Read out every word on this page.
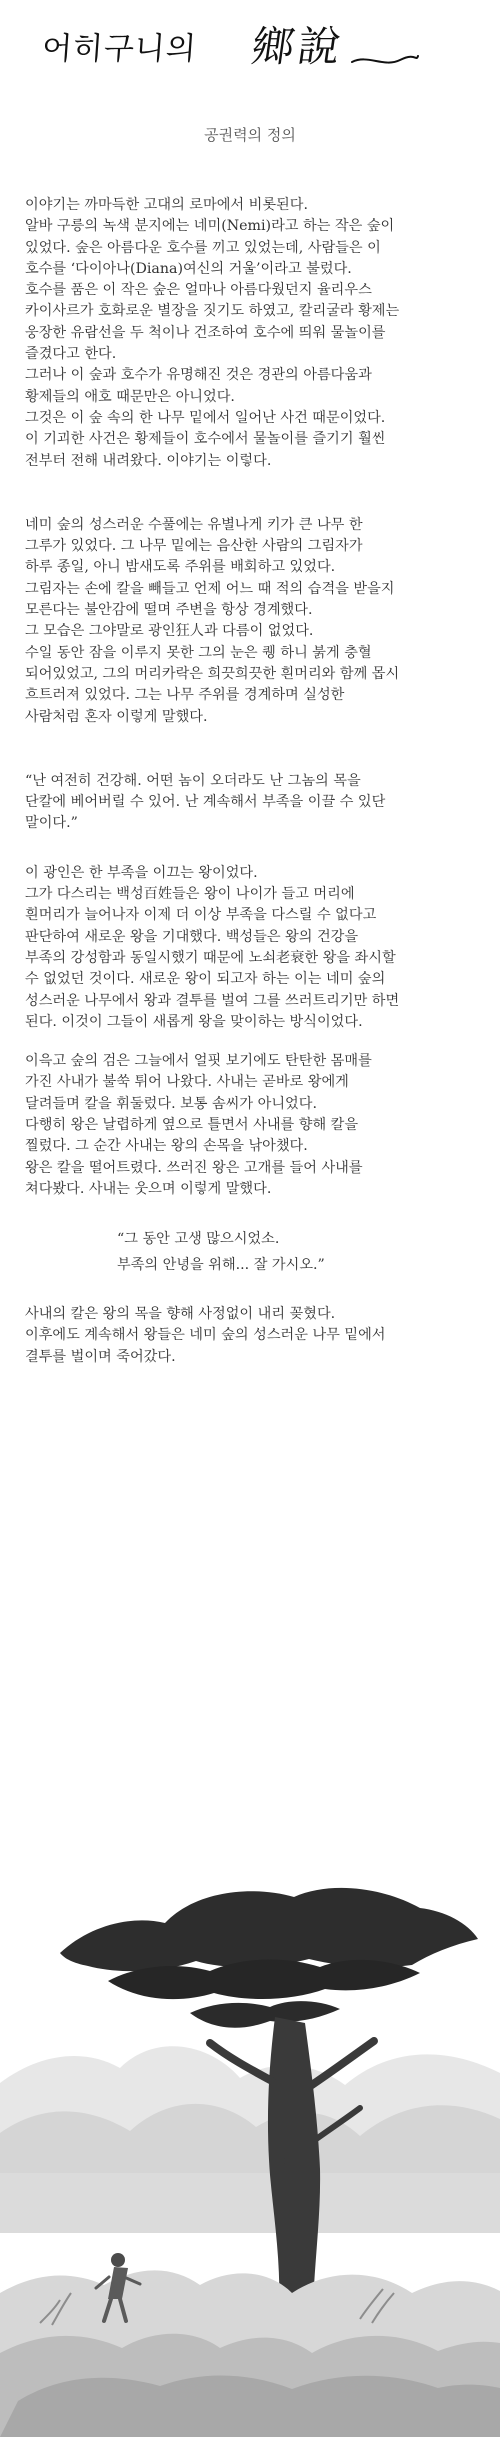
어히구니의 鄉說
공권력의 정의

이야기는 까마득한 고대의 로마에서 비롯된다.
알바 구릉의 녹색 분지에는 네미(Nemi)라고 하는 작은 숲이
있었다. 숲은 아름다운 호수를 끼고 있었는데, 사람들은 이
호수를 ‘다이아나(Diana)여신의 거울’이라고 불렀다.
호수를 품은 이 작은 숲은 얼마나 아름다웠던지 율리우스
카이사르가 호화로운 별장을 짓기도 하였고, 칼리굴라 황제는
웅장한 유람선을 두 척이나 건조하여 호수에 띄워 물놀이를
즐겼다고 한다.
그러나 이 숲과 호수가 유명해진 것은 경관의 아름다움과
황제들의 애호 때문만은 아니었다.
그것은 이 숲 속의 한 나무 밑에서 일어난 사건 때문이었다.
이 기괴한 사건은 황제들이 호수에서 물놀이를 즐기기 훨씬
전부터 전해 내려왔다. 이야기는 이렇다.

네미 숲의 성스러운 수풀에는 유별나게 키가 큰 나무 한
그루가 있었다. 그 나무 밑에는 음산한 사람의 그림자가
하루 종일, 아니 밤새도록 주위를 배회하고 있었다.
그림자는 손에 칼을 빼들고 언제 어느 때 적의 습격을 받을지
모른다는 불안감에 떨며 주변을 항상 경계했다.
그 모습은 그야말로 광인狂人과 다름이 없었다.
수일 동안 잠을 이루지 못한 그의 눈은 퀭 하니 붉게 충혈
되어있었고, 그의 머리카락은 희끗희끗한 흰머리와 함께 몹시
흐트러져 있었다. 그는 나무 주위를 경계하며 실성한
사람처럼 혼자 이렇게 말했다.

“난 여전히 건강해. 어떤 놈이 오더라도 난 그놈의 목을
단칼에 베어버릴 수 있어. 난 계속해서 부족을 이끌 수 있단
말이다.”

이 광인은 한 부족을 이끄는 왕이었다.
그가 다스리는 백성百姓들은 왕이 나이가 들고 머리에
흰머리가 늘어나자 이제 더 이상 부족을 다스릴 수 없다고
판단하여 새로운 왕을 기대했다. 백성들은 왕의 건강을
부족의 강성함과 동일시했기 때문에 노쇠老衰한 왕을 좌시할
수 없었던 것이다. 새로운 왕이 되고자 하는 이는 네미 숲의
성스러운 나무에서 왕과 결투를 벌여 그를 쓰러트리기만 하면
된다. 이것이 그들이 새롭게 왕을 맞이하는 방식이었다.

이윽고 숲의 검은 그늘에서 얼핏 보기에도 탄탄한 몸매를
가진 사내가 불쑥 튀어 나왔다. 사내는 곧바로 왕에게
달려들며 칼을 휘둘렀다. 보통 솜씨가 아니었다.
다행히 왕은 날렵하게 옆으로 틀면서 사내를 향해 칼을
찔렀다. 그 순간 사내는 왕의 손목을 낚아챘다.
왕은 칼을 떨어트렸다. 쓰러진 왕은 고개를 들어 사내를
쳐다봤다. 사내는 웃으며 이렇게 말했다.

“그 동안 고생 많으시었소.
부족의 안녕을 위해... 잘 가시오.”

사내의 칼은 왕의 목을 향해 사정없이 내리 꽂혔다.
이후에도 계속해서 왕들은 네미 숲의 성스러운 나무 밑에서
결투를 벌이며 죽어갔다.
